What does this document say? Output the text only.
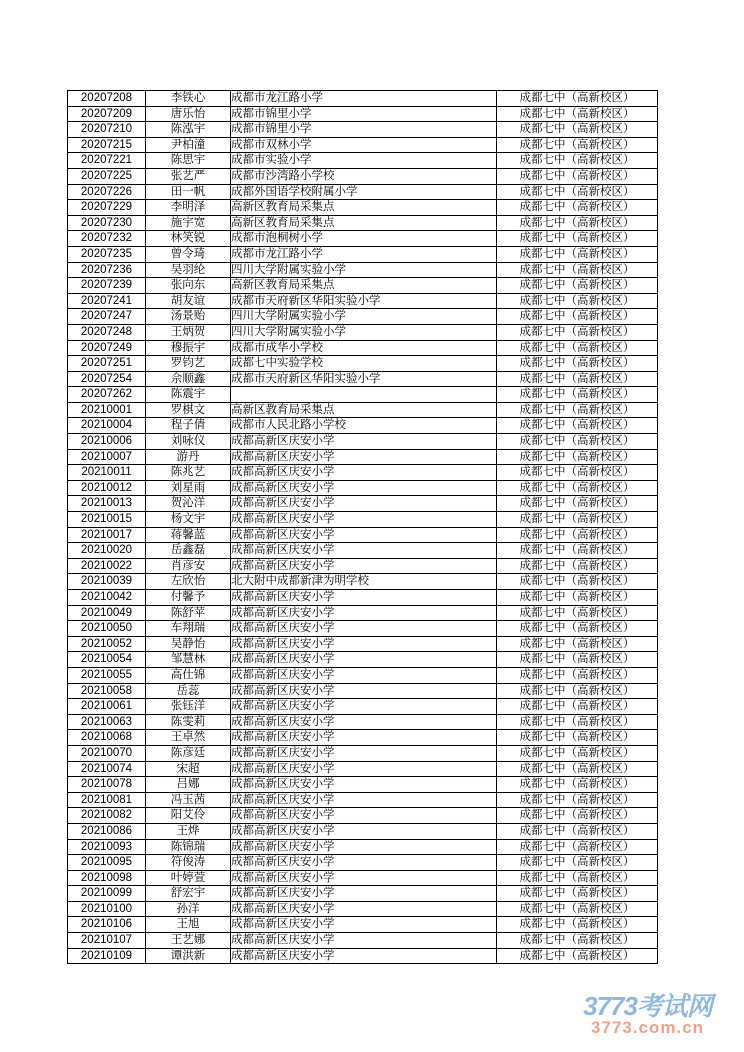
20207208	李铁心	成都市龙江路小学	成都七中（高新校区）
20207209	唐乐怡	成都市锦里小学	成都七中（高新校区）
20207210	陈泓宇	成都市锦里小学	成都七中（高新校区）
20207215	尹柏潼	成都市双林小学	成都七中（高新校区）
20207221	陈思宇	成都市实验小学	成都七中（高新校区）
20207225	张艺严	成都市沙湾路小学校	成都七中（高新校区）
20207226	田一帆	成都外国语学校附属小学	成都七中（高新校区）
20207229	李明泽	高新区教育局采集点	成都七中（高新校区）
20207230	施宇宽	高新区教育局采集点	成都七中（高新校区）
20207232	林笑锐	成都市泡桐树小学	成都七中（高新校区）
20207235	曾令琦	成都市龙江路小学	成都七中（高新校区）
20207236	吴羽纶	四川大学附属实验小学	成都七中（高新校区）
20207239	张向东	高新区教育局采集点	成都七中（高新校区）
20207241	胡友谊	成都市天府新区华阳实验小学	成都七中（高新校区）
20207247	汤景贻	四川大学附属实验小学	成都七中（高新校区）
20207248	王炳贺	四川大学附属实验小学	成都七中（高新校区）
20207249	穆振宇	成都市成华小学校	成都七中（高新校区）
20207251	罗钧艺	成都七中实验学校	成都七中（高新校区）
20207254	佘顺鑫	成都市天府新区华阳实验小学	成都七中（高新校区）
20207262	陈震宇		成都七中（高新校区）
20210001	罗棋文	高新区教育局采集点	成都七中（高新校区）
20210004	程子倩	成都市人民北路小学校	成都七中（高新校区）
20210006	刘咏仪	成都高新区庆安小学	成都七中（高新校区）
20210007	游丹	成都高新区庆安小学	成都七中（高新校区）
20210011	陈兆艺	成都高新区庆安小学	成都七中（高新校区）
20210012	刘星雨	成都高新区庆安小学	成都七中（高新校区）
20210013	贺沁洋	成都高新区庆安小学	成都七中（高新校区）
20210015	杨文宇	成都高新区庆安小学	成都七中（高新校区）
20210017	蒋馨蓝	成都高新区庆安小学	成都七中（高新校区）
20210020	岳鑫磊	成都高新区庆安小学	成都七中（高新校区）
20210022	肖彦安	成都高新区庆安小学	成都七中（高新校区）
20210039	左欣怡	北大附中成都新津为明学校	成都七中（高新校区）
20210042	付馨予	成都高新区庆安小学	成都七中（高新校区）
20210049	陈舒苹	成都高新区庆安小学	成都七中（高新校区）
20210050	车翔瑞	成都高新区庆安小学	成都七中（高新校区）
20210052	吴静怡	成都高新区庆安小学	成都七中（高新校区）
20210054	邹慧林	成都高新区庆安小学	成都七中（高新校区）
20210055	高仕锦	成都高新区庆安小学	成都七中（高新校区）
20210058	岳蕊	成都高新区庆安小学	成都七中（高新校区）
20210061	张钰洋	成都高新区庆安小学	成都七中（高新校区）
20210063	陈雯莉	成都高新区庆安小学	成都七中（高新校区）
20210068	王卓然	成都高新区庆安小学	成都七中（高新校区）
20210070	陈彦廷	成都高新区庆安小学	成都七中（高新校区）
20210074	宋超	成都高新区庆安小学	成都七中（高新校区）
20210078	吕娜	成都高新区庆安小学	成都七中（高新校区）
20210081	冯玉茜	成都高新区庆安小学	成都七中（高新校区）
20210082	阳艾伶	成都高新区庆安小学	成都七中（高新校区）
20210086	王烨	成都高新区庆安小学	成都七中（高新校区）
20210093	陈锦瑞	成都高新区庆安小学	成都七中（高新校区）
20210095	符俊涛	成都高新区庆安小学	成都七中（高新校区）
20210098	叶婷萱	成都高新区庆安小学	成都七中（高新校区）
20210099	舒宏宇	成都高新区庆安小学	成都七中（高新校区）
20210100	孙洋	成都高新区庆安小学	成都七中（高新校区）
20210106	王旭	成都高新区庆安小学	成都七中（高新校区）
20210107	王艺娜	成都高新区庆安小学	成都七中（高新校区）
20210109	谭洪新	成都高新区庆安小学	成都七中（高新校区）
3773考试网
3773.com.cn
